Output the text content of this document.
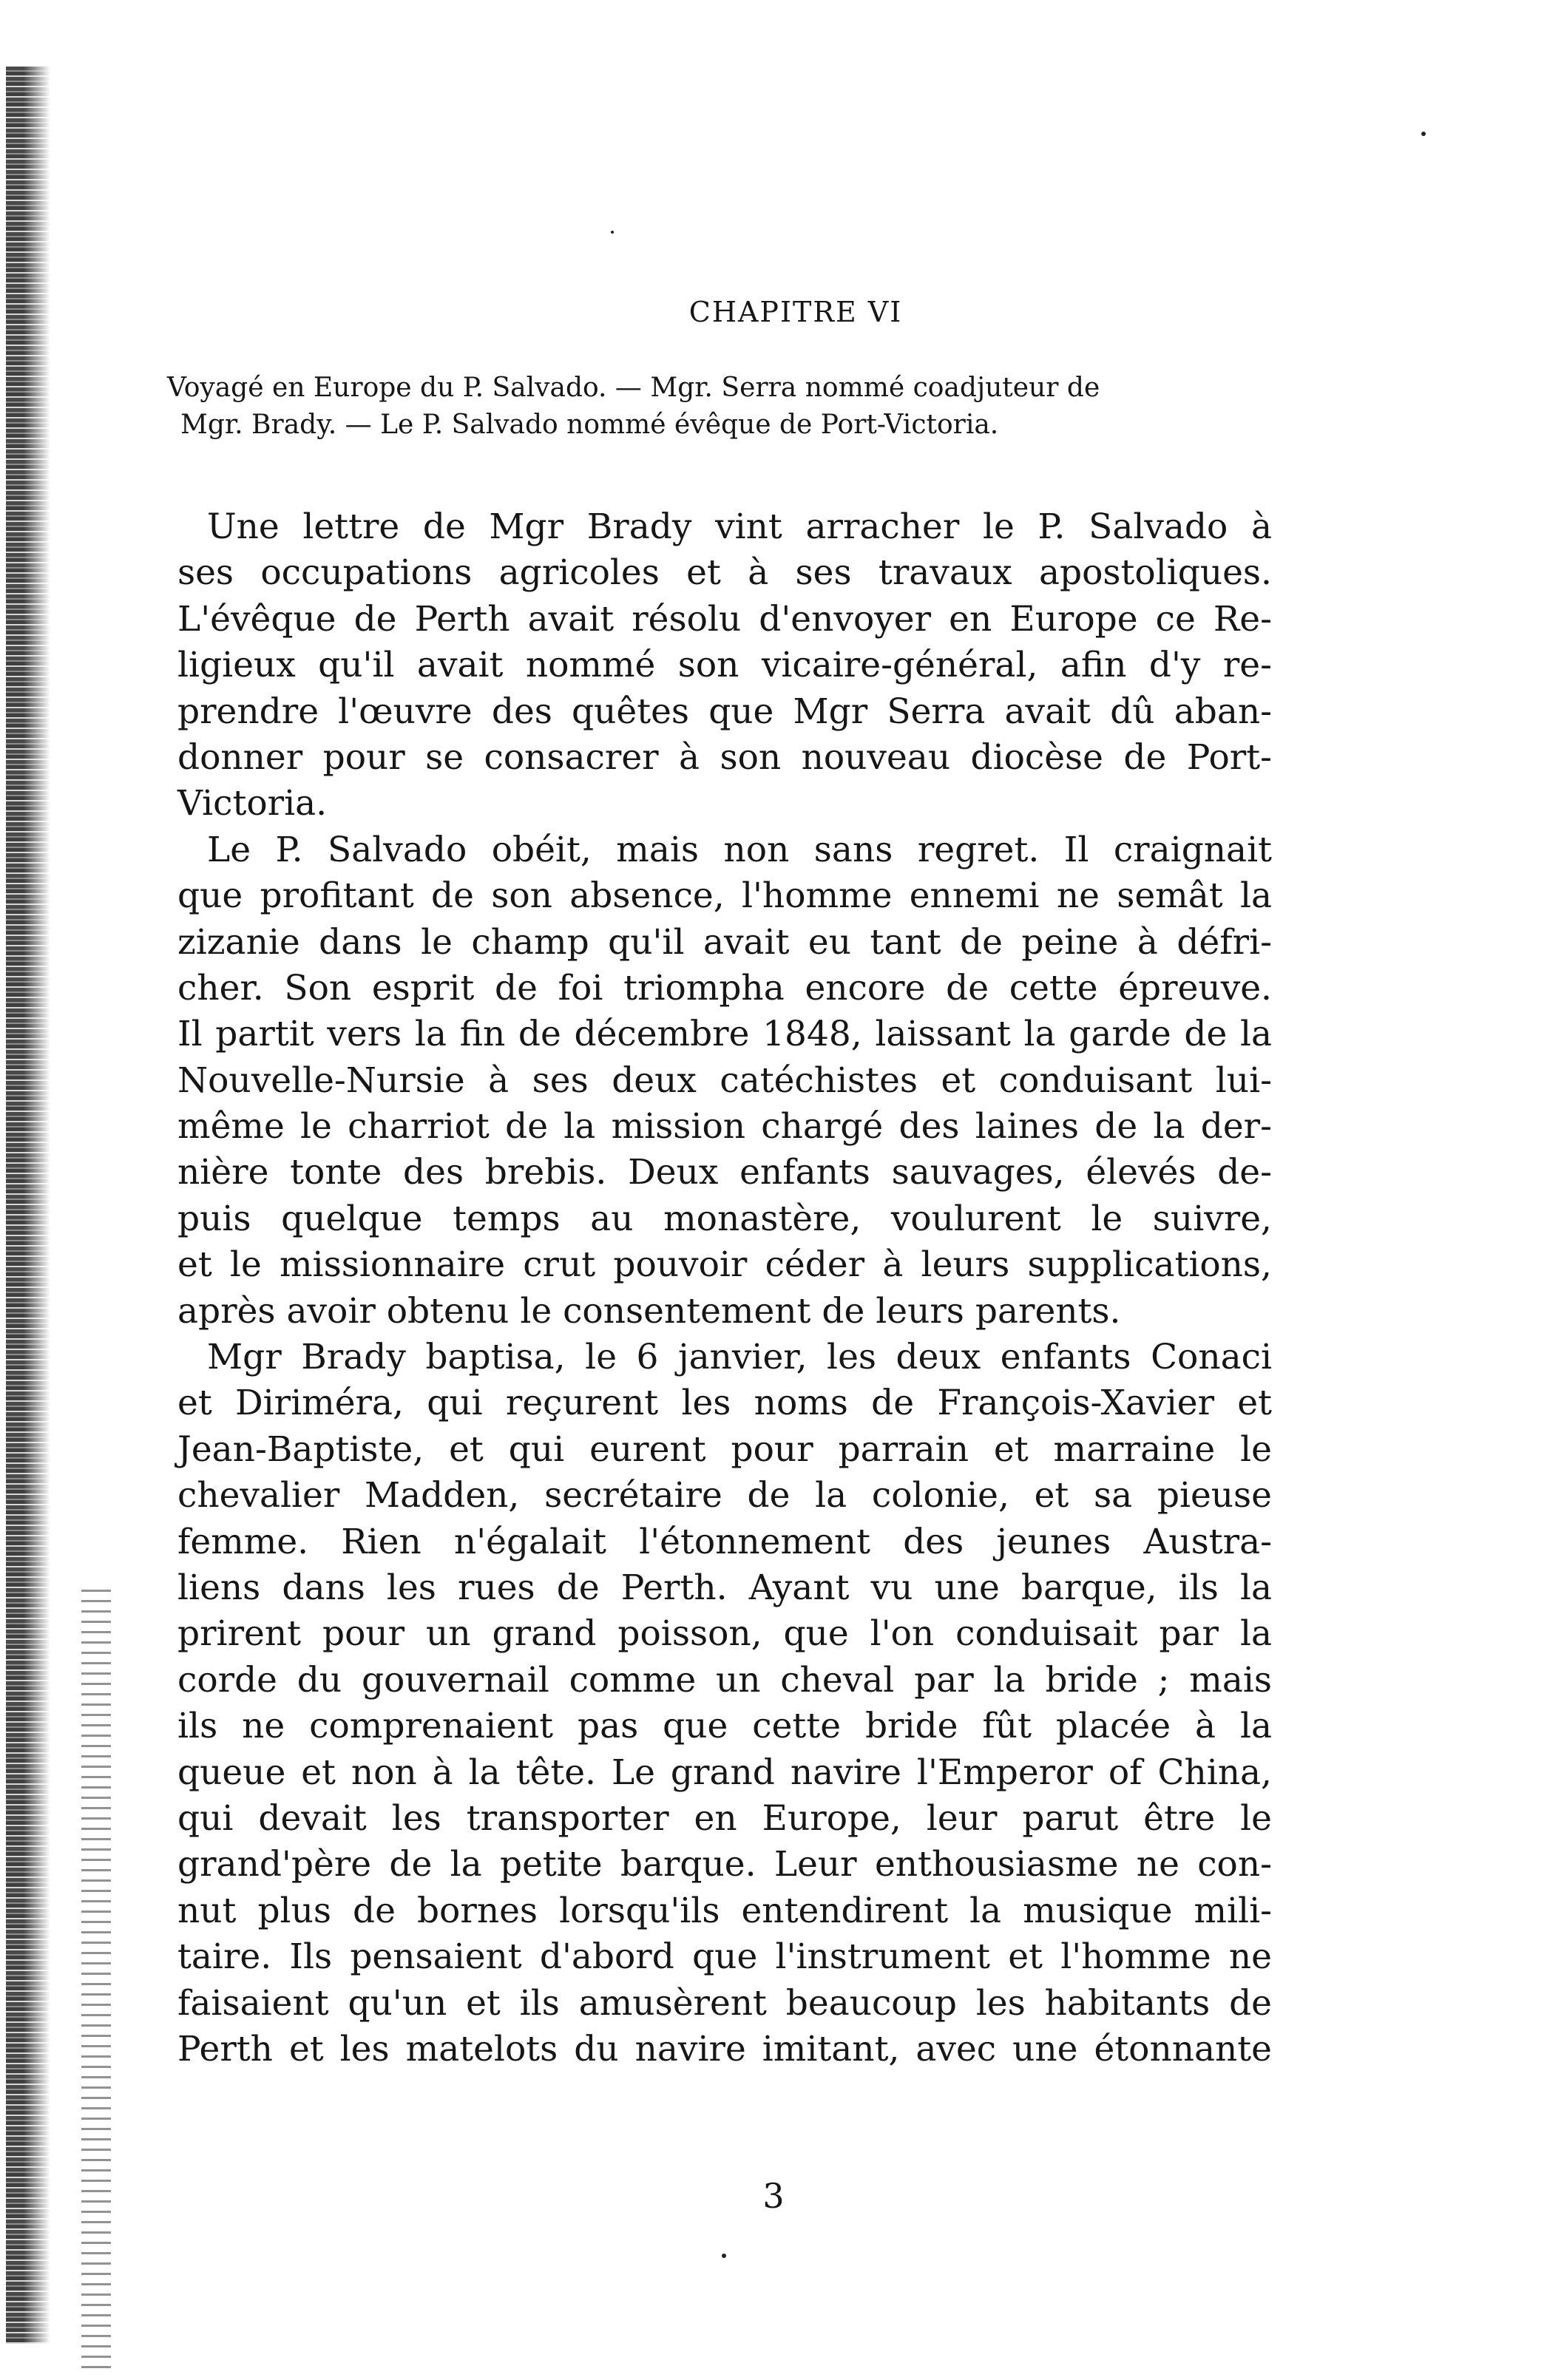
CHAPITRE VI
Voyagé en Europe du P. Salvado. — Mgr. Serra nommé coadjuteur de
Mgr. Brady. — Le P. Salvado nommé évêque de Port-Victoria.
Une lettre de Mgr Brady vint arracher le P. Salvado à
ses occupations agricoles et à ses travaux apostoliques.
L'évêque de Perth avait résolu d'envoyer en Europe ce Re-
ligieux qu'il avait nommé son vicaire-général, afin d'y re-
prendre l'œuvre des quêtes que Mgr Serra avait dû aban-
donner pour se consacrer à son nouveau diocèse de Port-
Victoria.
Le P. Salvado obéit, mais non sans regret. Il craignait
que profitant de son absence, l'homme ennemi ne semât la
zizanie dans le champ qu'il avait eu tant de peine à défri-
cher. Son esprit de foi triompha encore de cette épreuve.
Il partit vers la fin de décembre 1848, laissant la garde de la
Nouvelle-Nursie à ses deux catéchistes et conduisant lui-
même le charriot de la mission chargé des laines de la der-
nière tonte des brebis. Deux enfants sauvages, élevés de-
puis quelque temps au monastère, voulurent le suivre,
et le missionnaire crut pouvoir céder à leurs supplications,
après avoir obtenu le consentement de leurs parents.
Mgr Brady baptisa, le 6 janvier, les deux enfants Conaci
et Diriméra, qui reçurent les noms de François-Xavier et
Jean-Baptiste, et qui eurent pour parrain et marraine le
chevalier Madden, secrétaire de la colonie, et sa pieuse
femme. Rien n'égalait l'étonnement des jeunes Austra-
liens dans les rues de Perth. Ayant vu une barque, ils la
prirent pour un grand poisson, que l'on conduisait par la
corde du gouvernail comme un cheval par la bride ; mais
ils ne comprenaient pas que cette bride fût placée à la
queue et non à la tête. Le grand navire l'Emperor of China,
qui devait les transporter en Europe, leur parut être le
grand'père de la petite barque. Leur enthousiasme ne con-
nut plus de bornes lorsqu'ils entendirent la musique mili-
taire. Ils pensaient d'abord que l'instrument et l'homme ne
faisaient qu'un et ils amusèrent beaucoup les habitants de
Perth et les matelots du navire imitant, avec une étonnante
3
